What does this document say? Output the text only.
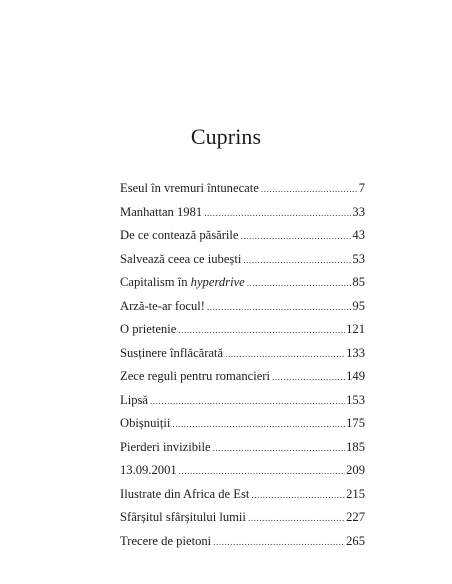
Cuprins
Eseul în vremuri întunecate .....	7
Manhattan 1981 .....	33
De ce contează păsările .....	43
Salvează ceea ce iubești .....	53
Capitalism în hyperdrive .....	85
Arză-te-ar focul! .....	95
O prietenie .....	121
Susținere înflăcărată .....	133
Zece reguli pentru romancieri .....	149
Lipsă .....	153
Obișnuiții .....	175
Pierderi invizibile .....	185
13.09.2001 .....	209
Ilustrate din Africa de Est .....	215
Sfârșitul sfârșitului lumii .....	227
Trecere de pietoni .....	265
